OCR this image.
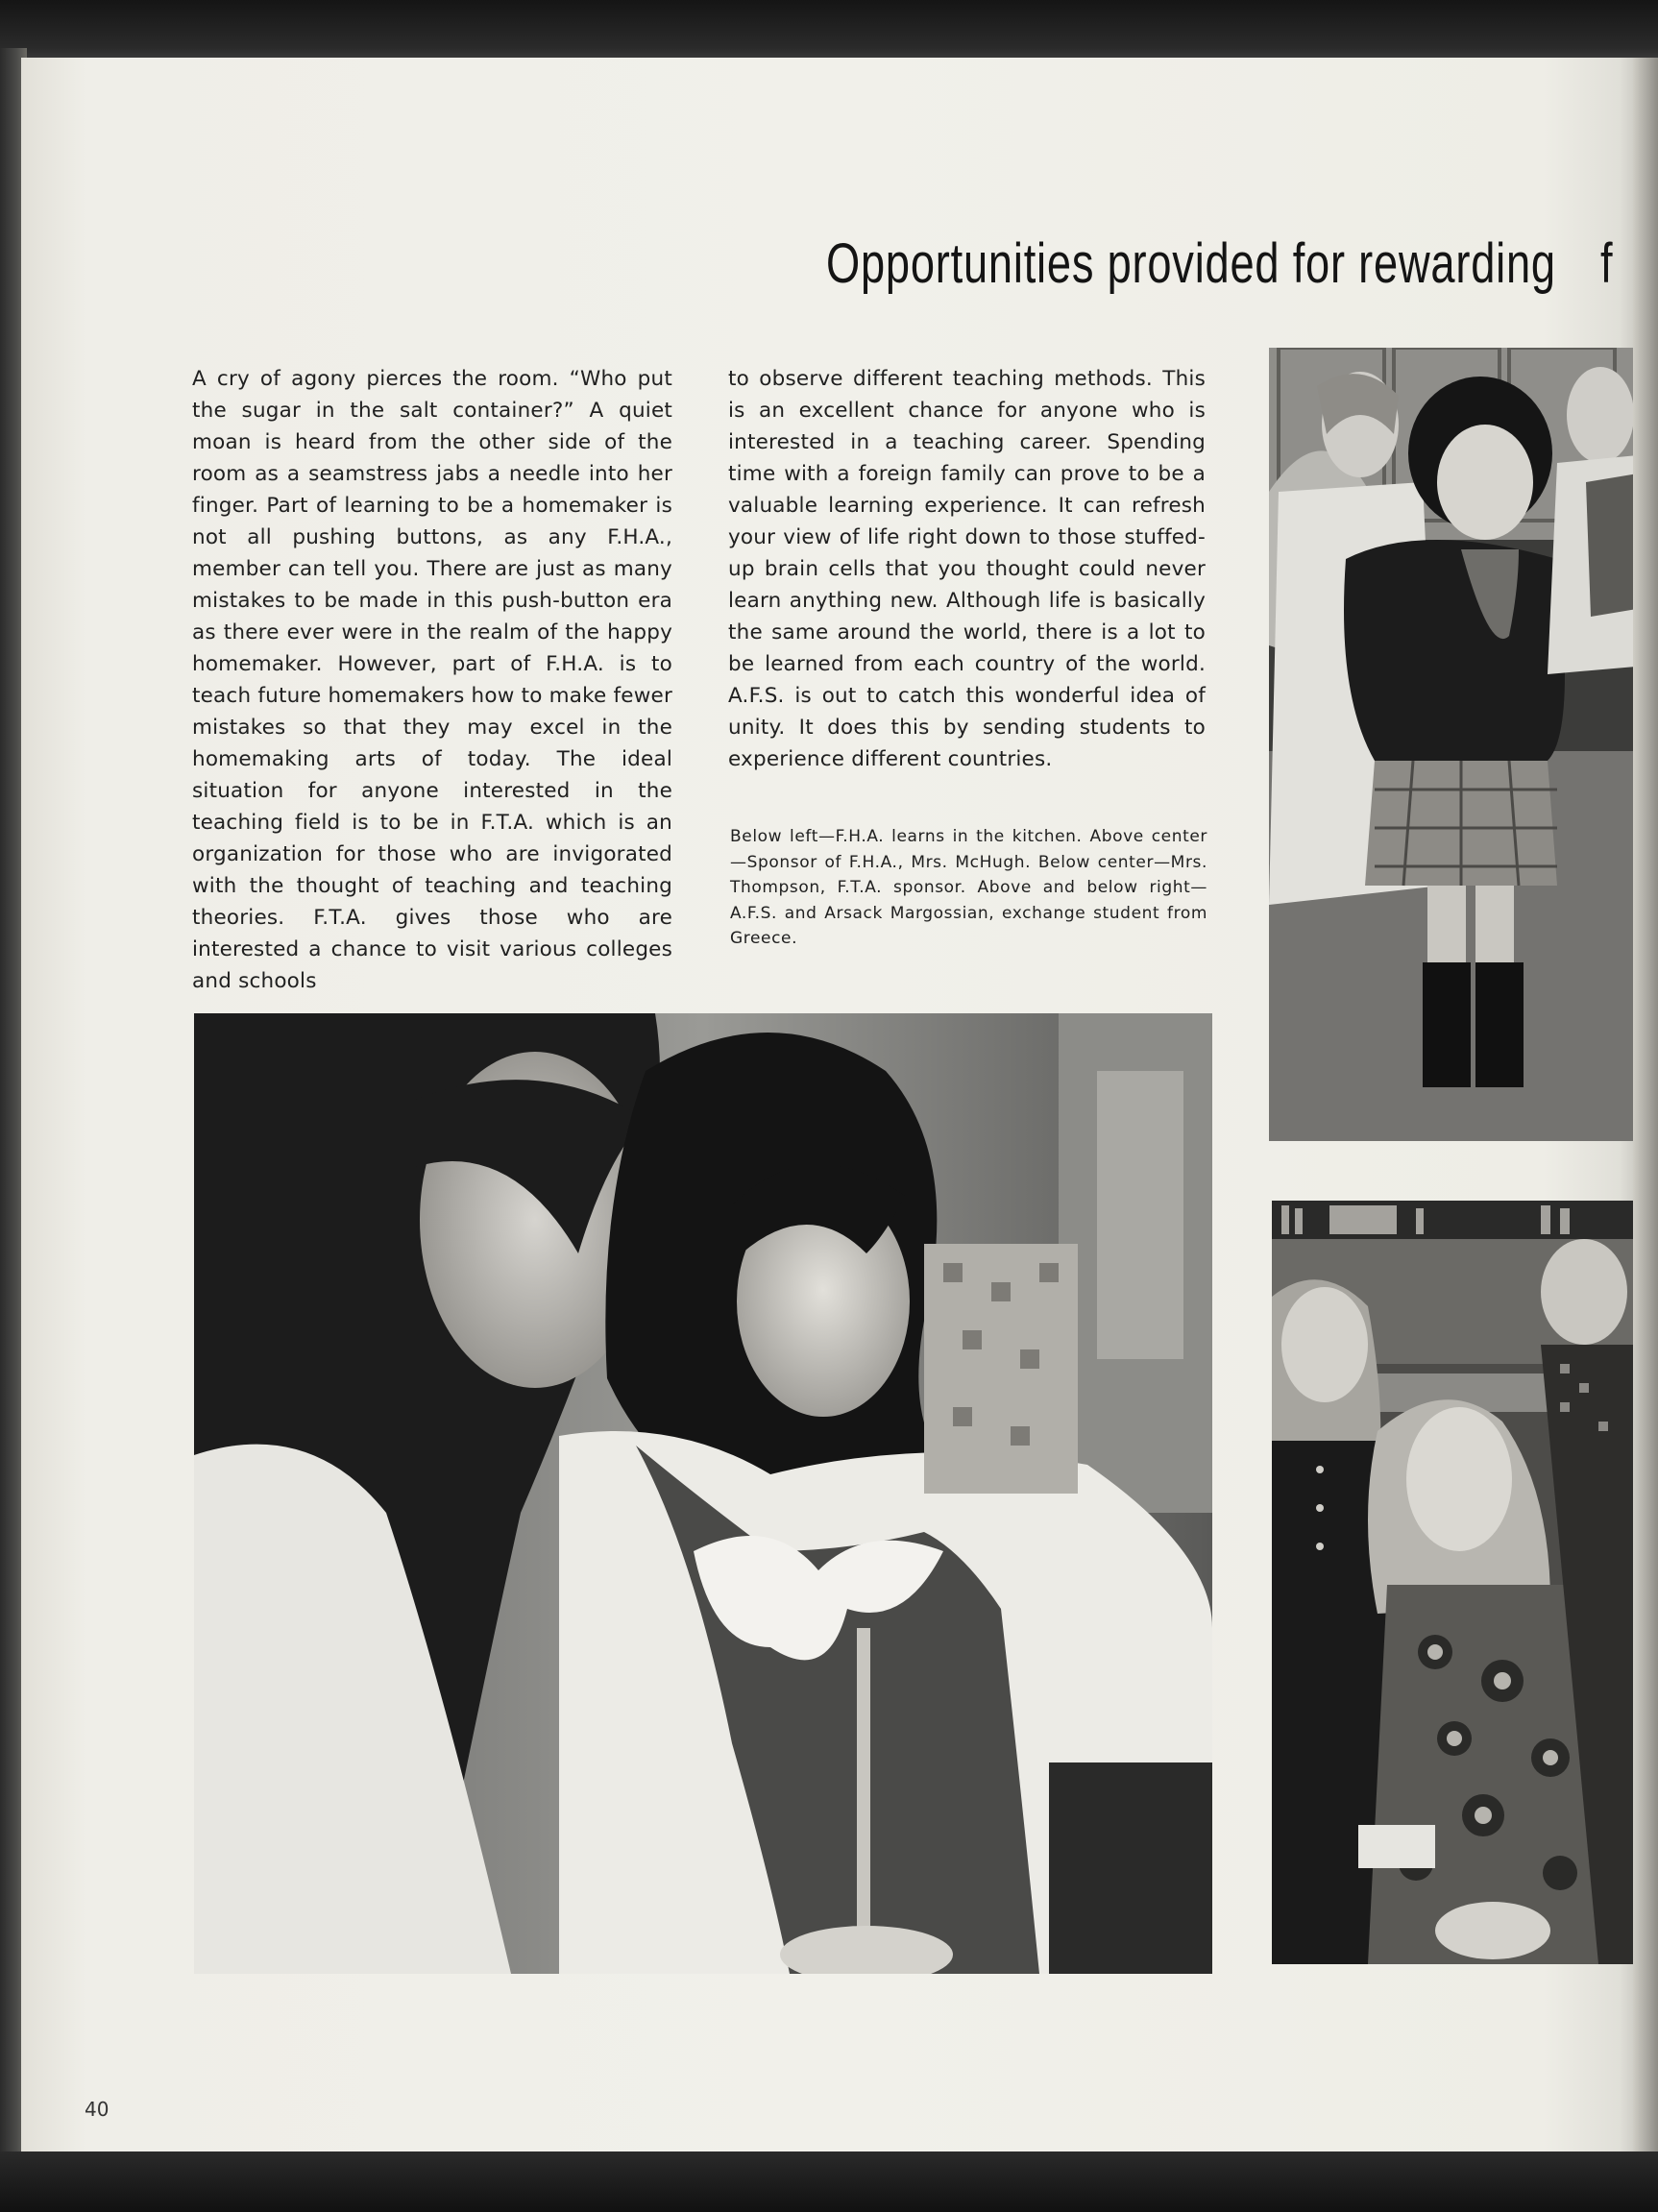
Opportunities provided for rewarding f
A cry of agony pierces the room. “Who put the sugar in the salt container?” A quiet moan is heard from the other side of the room as a seamstress jabs a needle into her finger. Part of learning to be a homemaker is not all pushing buttons, as any F.H.A., member can tell you. There are just as many mistakes to be made in this push-button era as there ever were in the realm of the happy homemaker. However, part of F.H.A. is to teach future homemakers how to make fewer mistakes so that they may excel in the homemaking arts of today. The ideal situation for anyone interested in the teaching field is to be in F.T.A. which is an organization for those who are invigorated with the thought of teaching and teaching theories. F.T.A. gives those who are interested a chance to visit various colleges and schools
to observe different teaching methods. This is an excellent chance for anyone who is interested in a teaching career. Spending time with a foreign family can prove to be a valuable learning experience. It can refresh your view of life right down to those stuffed-up brain cells that you thought could never learn anything new. Although life is basically the same around the world, there is a lot to be learned from each country of the world. A.F.S. is out to catch this wonderful idea of unity. It does this by sending students to experience different countries.
Below left—F.H.A. learns in the kitchen. Above center—Sponsor of F.H.A., Mrs. McHugh. Below center—Mrs. Thompson, F.T.A. sponsor. Above and below right—A.F.S. and Arsack Margossian, exchange student from Greece.
40
